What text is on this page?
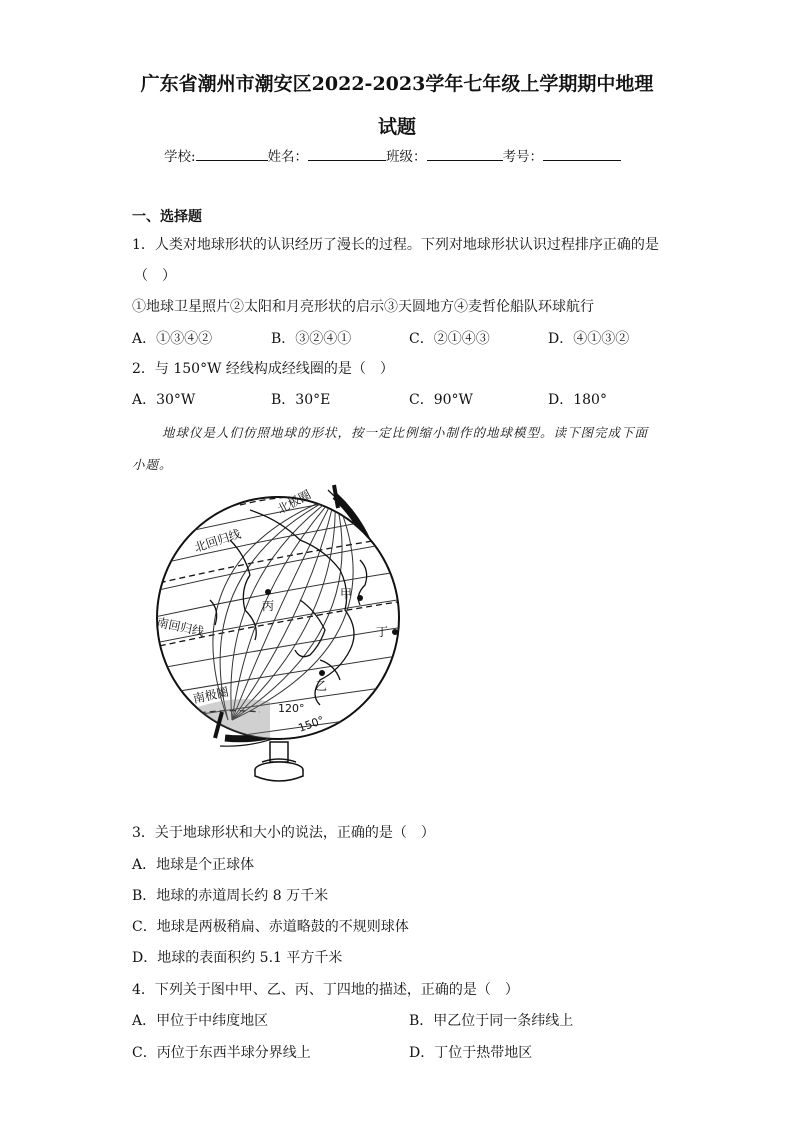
广东省潮州市潮安区2022-2023学年七年级上学期期中地理
试题
学校:	姓名：	班级：	考号：
一、选择题
1．人类对地球形状的认识经历了漫长的过程。下列对地球形状认识过程排序正确的是
（　）
①地球卫星照片②太阳和月亮形状的启示③天圆地方④麦哲伦船队环球航行
A．①③④②	B．③②④①	C．②①④③	D．④①③②
2．与 150°W 经线构成经线圈的是（　）
A．30°W	B．30°E	C．90°W	D．180°
地球仪是人们仿照地球的形状，按一定比例缩小制作的地球模型。读下图完成下面
小题。
北极圈
北回归线
南回归线
南极圈
丙
甲
丁
乙
120°
150°
3．关于地球形状和大小的说法，正确的是（　）
A．地球是个正球体
B．地球的赤道周长约 8 万千米
C．地球是两极稍扁、赤道略鼓的不规则球体
D．地球的表面积约 5.1 平方千米
4．下列关于图中甲、乙、丙、丁四地的描述，正确的是（　）
A．甲位于中纬度地区	B．甲乙位于同一条纬线上
C．丙位于东西半球分界线上	D．丁位于热带地区
